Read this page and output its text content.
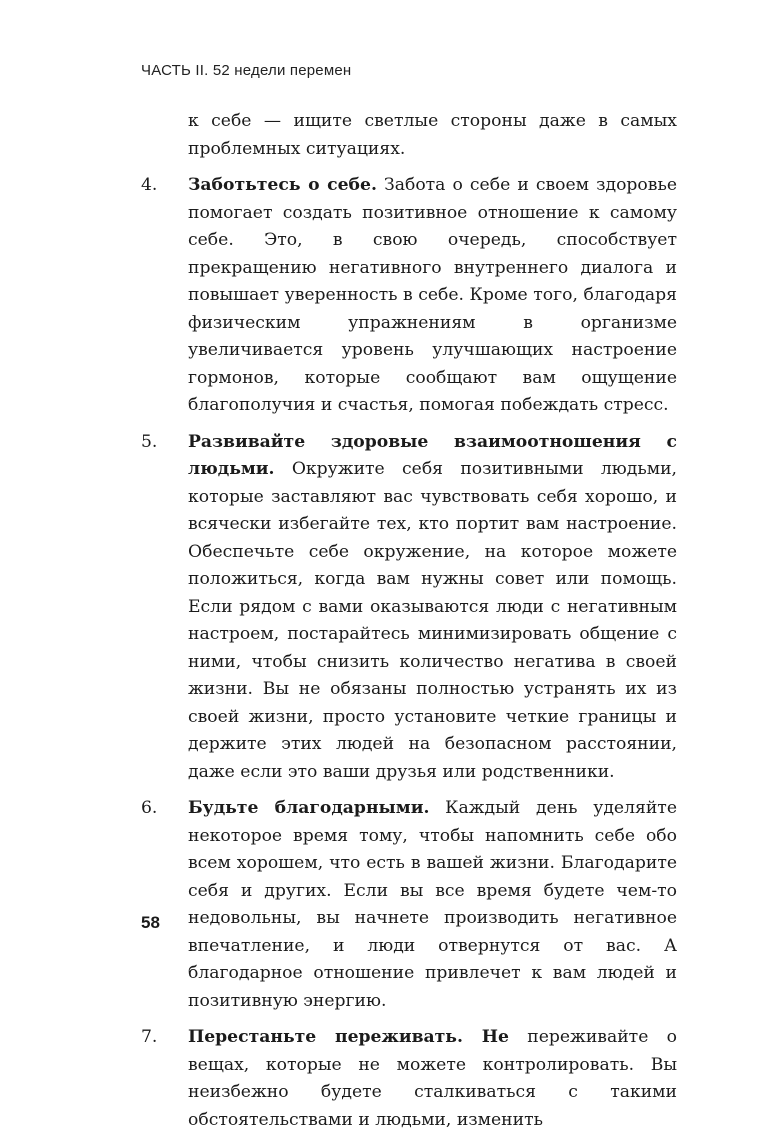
ЧАСТЬ II. 52 недели перемен

к себе — ищите светлые стороны даже в самых проблемных ситуациях.

4.	Заботьтесь о себе. Забота о себе и своем здоровье помогает создать позитивное отношение к самому себе. Это, в свою очередь, способствует прекращению негативного внутреннего диалога и повышает уверенность в себе. Кроме того, благодаря физическим упражнениям в организме увеличивается уровень улучшающих настроение гормонов, которые сообщают вам ощущение благополучия и счастья, помогая побеждать стресс.

5.	Развивайте здоровые взаимоотношения с людьми. Окружите себя позитивными людьми, которые заставляют вас чувствовать себя хорошо, и всячески избегайте тех, кто портит вам настроение. Обеспечьте себе окружение, на которое можете положиться, когда вам нужны совет или помощь. Если рядом с вами оказываются люди с негативным настроем, постарайтесь минимизировать общение с ними, чтобы снизить количество негатива в своей жизни. Вы не обязаны полностью устранять их из своей жизни, просто установите четкие границы и держите этих людей на безопасном расстоянии, даже если это ваши друзья или родственники.

6.	Будьте благодарными. Каждый день уделяйте некоторое время тому, чтобы напомнить себе обо всем хорошем, что есть в вашей жизни. Благодарите себя и других. Если вы все время будете чем-то недовольны, вы начнете производить негативное впечатление, и люди отвернутся от вас. А благодарное отношение привлечет к вам людей и позитивную энергию.

7.	Перестаньте переживать. Не переживайте о вещах, которые не можете контролировать. Вы неизбежно будете сталкиваться с такими обстоятельствами и людьми, изменить

58
